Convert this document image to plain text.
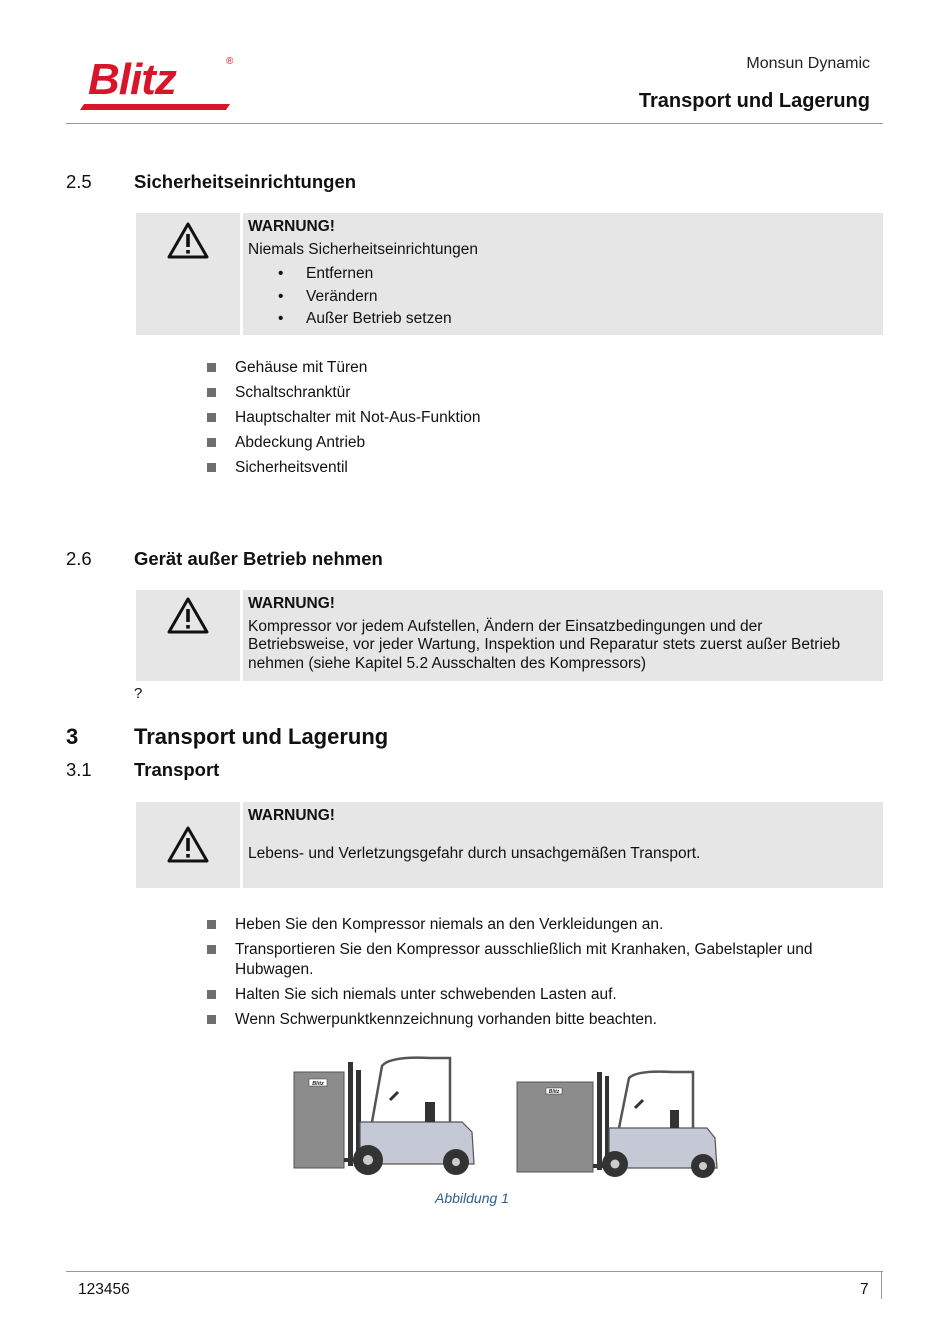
Blitz	®	Monsun Dynamic
Transport und Lagerung
2.5 Sicherheitseinrichtungen
WARNUNG!
Niemals Sicherheitseinrichtungen
• Entfernen
• Verändern
• Außer Betrieb setzen
Gehäuse mit Türen
Schaltschranktür
Hauptschalter mit Not-Aus-Funktion
Abdeckung Antrieb
Sicherheitsventil
2.6 Gerät außer Betrieb nehmen
WARNUNG!
Kompressor vor jedem Aufstellen, Ändern der Einsatzbedingungen und der Betriebsweise, vor jeder Wartung, Inspektion und Reparatur stets zuerst außer Betrieb nehmen (siehe Kapitel 5.2 Ausschalten des Kompressors)
?
3	Transport und Lagerung
3.1 Transport
WARNUNG!
Lebens- und Verletzungsgefahr durch unsachgemäßen Transport.
Heben Sie den Kompressor niemals an den Verkleidungen an.
Transportieren Sie den Kompressor ausschließlich mit Kranhaken, Gabelstapler und Hubwagen.
Halten Sie sich niemals unter schwebenden Lasten auf.
Wenn Schwerpunktkennzeichnung vorhanden bitte beachten.
Blitz
Blitz
Abbildung 1
123456	7
